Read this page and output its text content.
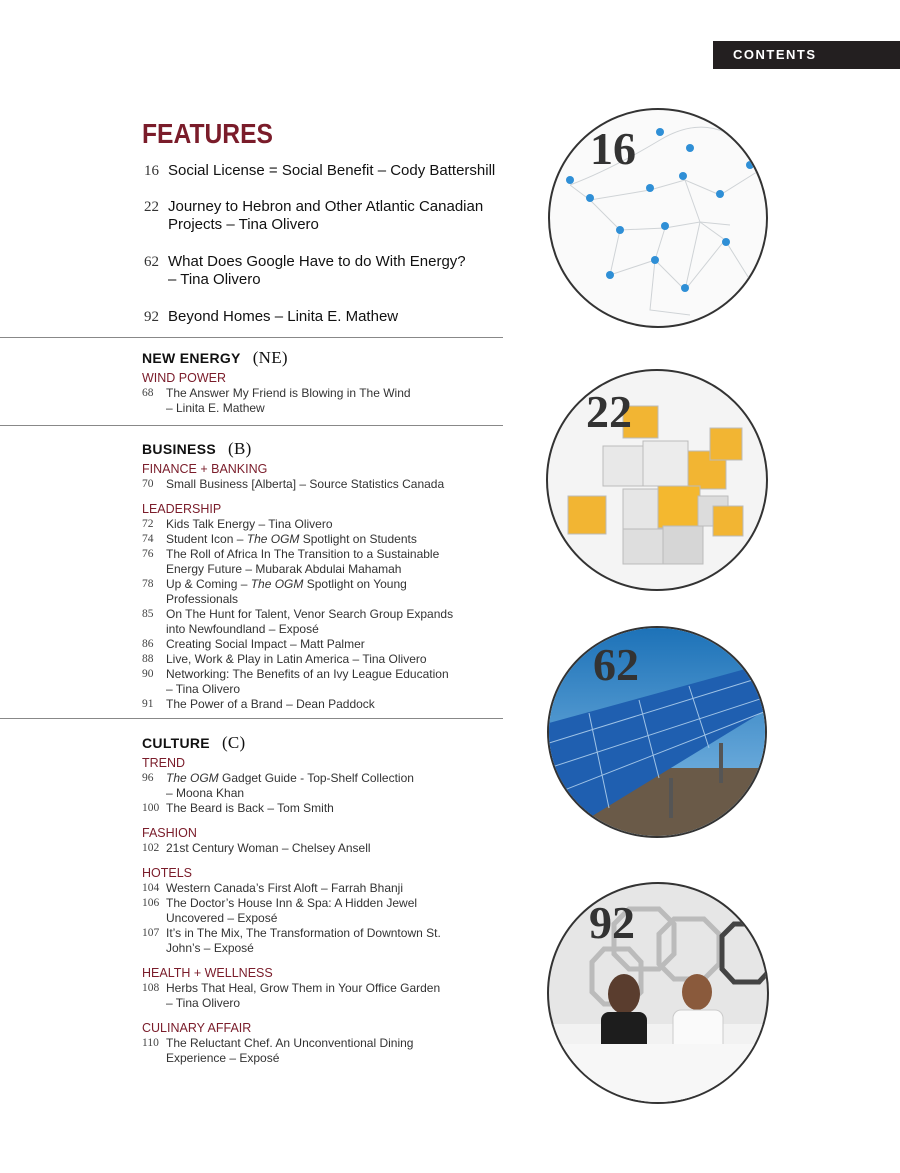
CONTENTS
FEATURES
16 Social License = Social Benefit – Cody Battershill
22 Journey to Hebron and Other Atlantic Canadian
Projects – Tina Olivero
62 What Does Google Have to do With Energy?
– Tina Olivero
92 Beyond Homes – Linita E. Mathew
NEW ENERGY (NE)
WIND POWER
68	The Answer My Friend is Blowing in The Wind
– Linita E. Mathew
BUSINESS (B)
FINANCE + BANKING
70	Small Business [Alberta] – Source Statistics Canada
LEADERSHIP
72	Kids Talk Energy – Tina Olivero
74	Student Icon – The OGM Spotlight on Students
76	The Roll of Africa In The Transition to a Sustainable
Energy Future – Mubarak Abdulai Mahamah
78	Up & Coming – The OGM Spotlight on Young
Professionals
85	On The Hunt for Talent, Venor Search Group Expands
into Newfoundland – Exposé
86	Creating Social Impact – Matt Palmer
88	Live, Work & Play in Latin America – Tina Olivero
90	Networking: The Benefits of an Ivy League Education
– Tina Olivero
91	The Power of a Brand – Dean Paddock
CULTURE (C)
TREND
96	The OGM Gadget Guide - Top-Shelf Collection
– Moona Khan
100 The Beard is Back – Tom Smith
FASHION
102 21st Century Woman – Chelsey Ansell
HOTELS
104 Western Canada’s First Aloft – Farrah Bhanji
106 The Doctor’s House Inn & Spa: A Hidden Jewel
Uncovered – Exposé
107 It’s in The Mix, The Transformation of Downtown St.
John’s – Exposé
HEALTH + WELLNESS
108 Herbs That Heal, Grow Them in Your Office Garden
– Tina Olivero
CULINARY AFFAIR
110 The Reluctant Chef. An Unconventional Dining
Experience – Exposé
16
22
62
92
